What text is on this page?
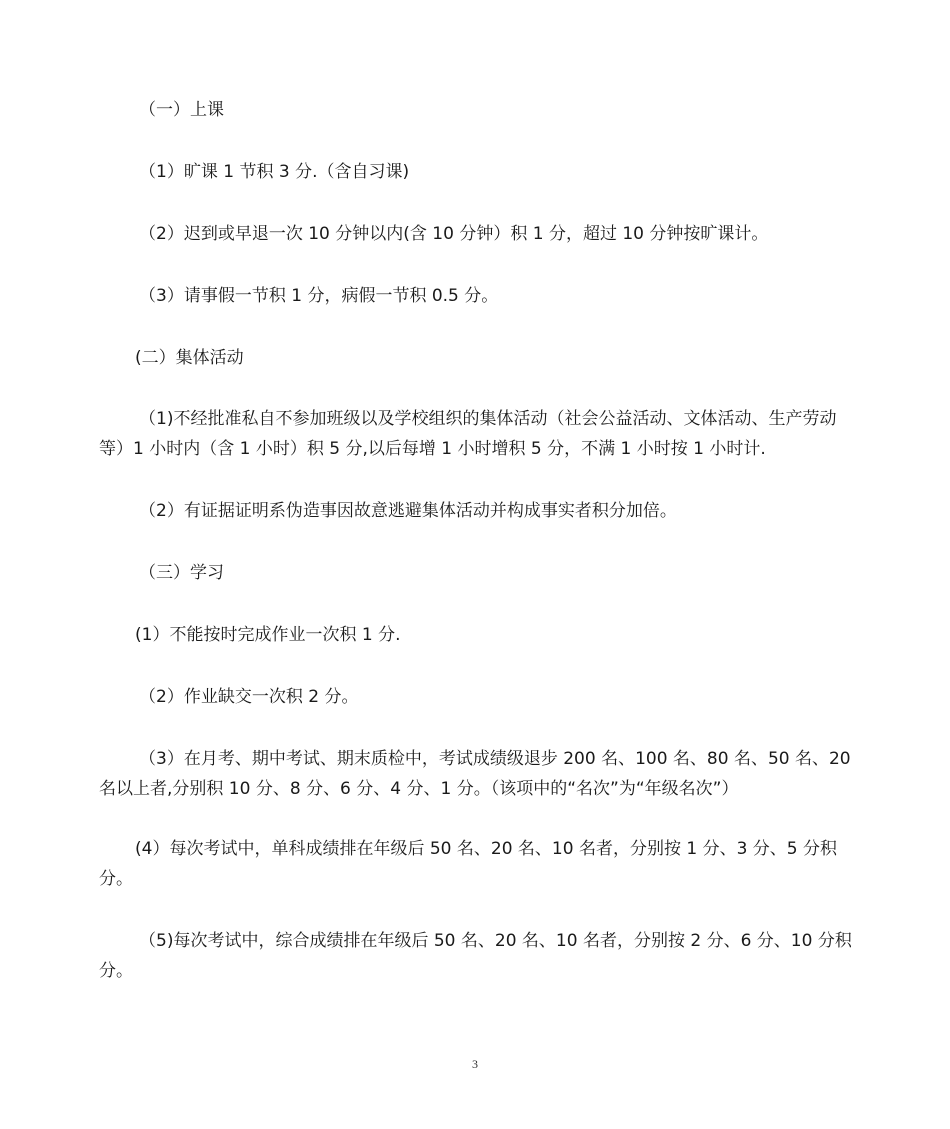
（一）上课

（1）旷课 1 节积 3 分.（含自习课)

（2）迟到或早退一次 10 分钟以内(含 10 分钟）积 1 分，超过 10 分钟按旷课计。

（3）请事假一节积 1 分，病假一节积 0.5 分。

(二）集体活动

（1)不经批准私自不参加班级以及学校组织的集体活动（社会公益活动、文体活动、生产劳动等）1 小时内（含 1 小时）积 5 分,以后每增 1 小时增积 5 分，不满 1 小时按 1 小时计.

（2）有证据证明系伪造事因故意逃避集体活动并构成事实者积分加倍。

（三）学习

(1）不能按时完成作业一次积 1 分.

（2）作业缺交一次积 2 分。

（3）在月考、期中考试、期末质检中，考试成绩级退步 200 名、100 名、80 名、50 名、20 名以上者,分别积 10 分、8 分、6 分、4 分、1 分。（该项中的“名次”为“年级名次”）

(4）每次考试中，单科成绩排在年级后 50 名、20 名、10 名者，分别按 1 分、3 分、5 分积分。

（5)每次考试中，综合成绩排在年级后 50 名、20 名、10 名者，分别按 2 分、6 分、10 分积分。

3
